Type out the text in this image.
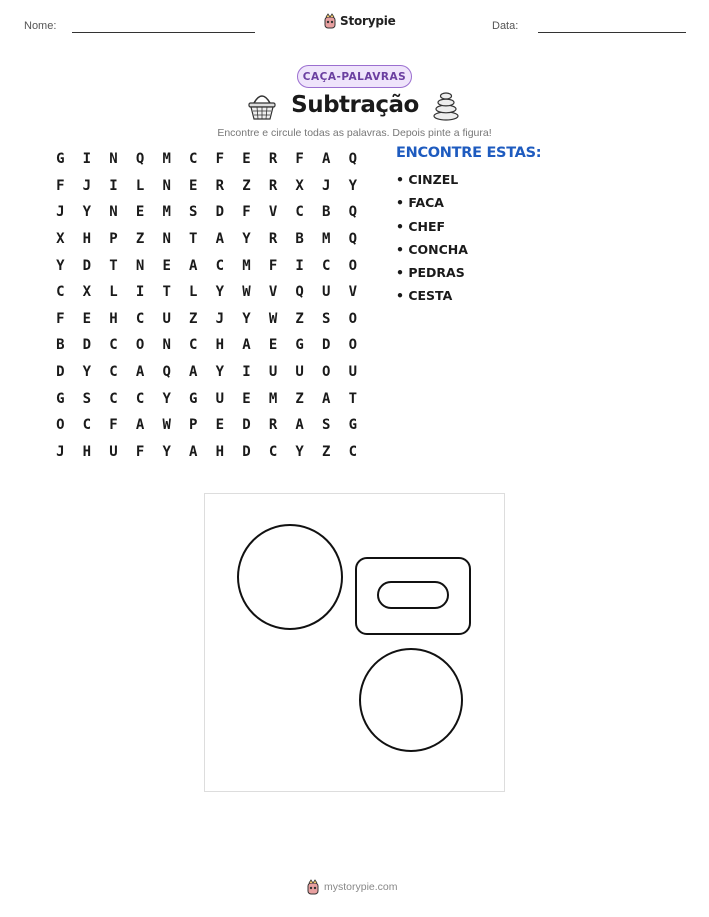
Nome:	Storypie	Data:
CAÇA-PALAVRAS
Subtração
Encontre e circule todas as palavras. Depois pinte a figura!
G	I	N	Q	M	C	F	E	R	F	A	Q
F	J	I	L	N	E	R	Z	R	X	J	Y
J	Y	N	E	M	S	D	F	V	C	B	Q
X	H	P	Z	N	T	A	Y	R	B	M	Q
Y	D	T	N	E	A	C	M	F	I	C	O
C	X	L	I	T	L	Y	W	V	Q	U	V
F	E	H	C	U	Z	J	Y	W	Z	S	O
B	D	C	O	N	C	H	A	E	G	D	O
D	Y	C	A	Q	A	Y	I	U	U	O	U
G	S	C	C	Y	G	U	E	M	Z	A	T
O	C	F	A	W	P	E	D	R	A	S	G
J	H	U	F	Y	A	H	D	C	Y	Z	C
ENCONTRE ESTAS:
• CINZEL
• FACA
• CHEF
• CONCHA
• PEDRAS
• CESTA
mystorypie.com
